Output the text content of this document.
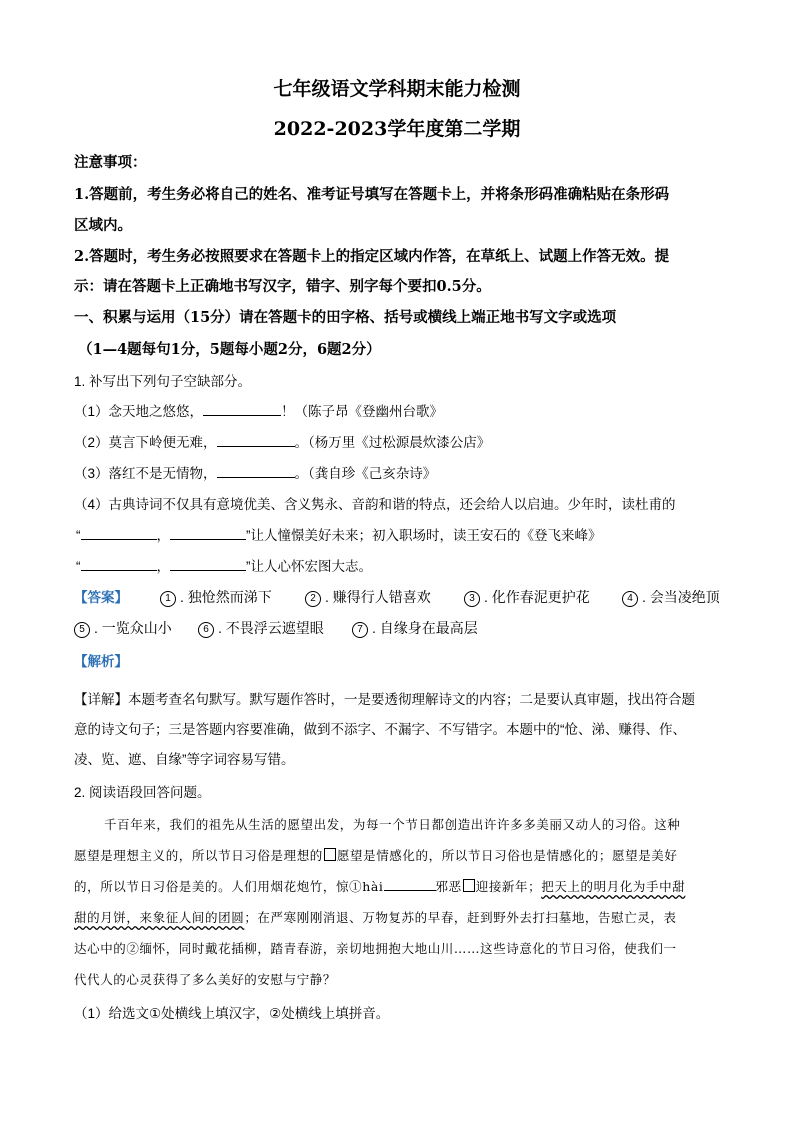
七年级语文学科期末能力检测
2022-2023学年度第二学期
注意事项：
1.答题前，考生务必将自己的姓名、准考证号填写在答题卡上，并将条形码准确粘贴在条形码
区域内。
2.答题时，考生务必按照要求在答题卡上的指定区域内作答，在草纸上、试题上作答无效。提
示：请在答题卡上正确地书写汉字，错字、别字每个要扣0.5分。
一、积累与运用（15分）请在答题卡的田字格、括号或横线上端正地书写文字或选项
（1—4题每句1分，5题每小题2分，6题2分）
1. 补写出下列句子空缺部分。
（1）念天地之悠悠，	！（陈子昂《登幽州台歌》
（2）莫言下岭便无难，	。（杨万里《过松源晨炊漆公店》
（3）落红不是无情物，	。（龚自珍《己亥杂诗》
（4）古典诗词不仅具有意境优美、含义隽永、音韵和谐的特点，还会给人以启迪。少年时，读杜甫的
“	，	”让人憧憬美好未来；初入职场时，读王安石的《登飞来峰》
“	，	”让人心怀宏图大志。
【答案】	1 . 独怆然而涕下	2 . 赚得行人错喜欢	3 . 化作春泥更护花	4 . 会当凌绝顶
5 . 一览众山小	6 . 不畏浮云遮望眼	7 . 自缘身在最高层
【解析】
【详解】本题考查名句默写。默写题作答时，一是要透彻理解诗文的内容；二是要认真审题，找出符合题
意的诗文句子；三是答题内容要准确，做到不添字、不漏字、不写错字。本题中的“怆、涕、赚得、作、
凌、览、遮、自缘”等字词容易写错。
2. 阅读语段回答问题。
千百年来，我们的祖先从生活的愿望出发，为每一个节日都创造出许许多多美丽又动人的习俗。这种
愿望是理想主义的，所以节日习俗是理想的 愿望是情感化的，所以节日习俗也是情感化的；愿望是美好
的，所以节日习俗是美的。人们用烟花炮竹，惊①hài	邪恶 迎接新年；把天上的明月化为手中甜
甜的月饼，来象征人间的团圆；在严寒刚刚消退、万物复苏的早春，赶到野外去打扫墓地，告慰亡灵，表
达心中的②缅怀，同时戴花插柳，踏青春游，亲切地拥抱大地山川……这些诗意化的节日习俗，使我们一
代代人的心灵获得了多么美好的安慰与宁静？
（1）给选文①处横线上填汉字，②处横线上填拼音。
